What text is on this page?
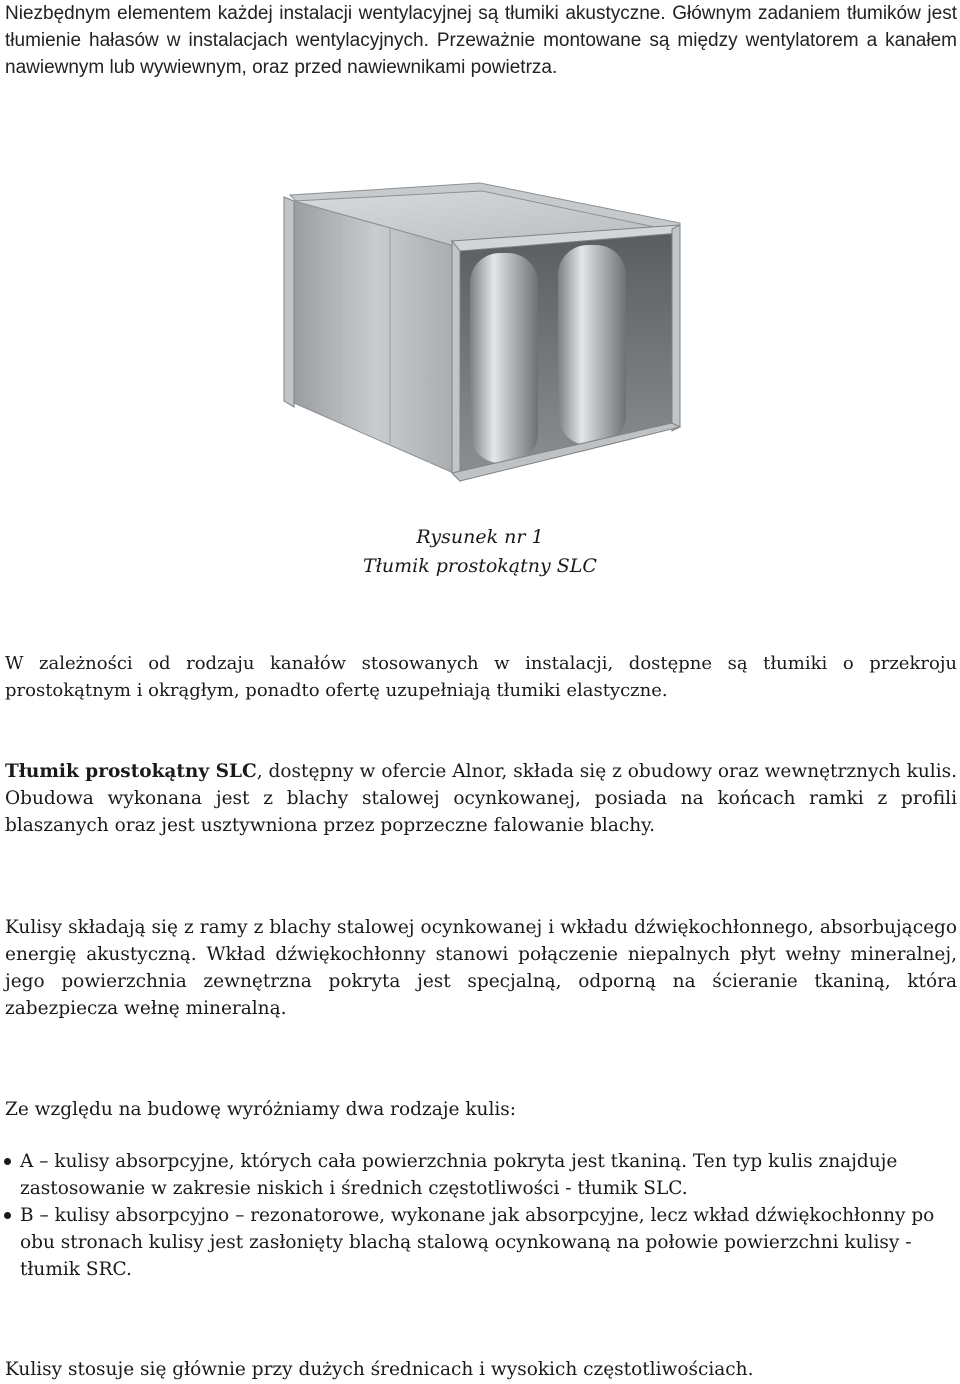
Niezbędnym elementem każdej instalacji wentylacyjnej są tłumiki akustyczne. Głównym zadaniem tłumików jest tłumienie hałasów w instalacjach wentylacyjnych. Przeważnie montowane są między wentylatorem a kanałem nawiewnym lub wywiewnym, oraz przed nawiewnikami powietrza.

Rysunek nr 1
Tłumik prostokątny SLC

W zależności od rodzaju kanałów stosowanych w instalacji, dostępne są tłumiki o przekroju prostokątnym i okrągłym, ponadto ofertę uzupełniają tłumiki elastyczne.

Tłumik prostokątny SLC, dostępny w ofercie Alnor, składa się z obudowy oraz wewnętrznych kulis. Obudowa wykonana jest z blachy stalowej ocynkowanej, posiada na końcach ramki z profili blaszanych oraz jest usztywniona przez poprzeczne falowanie blachy.

Kulisy składają się z ramy z blachy stalowej ocynkowanej i wkładu dźwiękochłonnego, absorbującego energię akustyczną. Wkład dźwiękochłonny stanowi połączenie niepalnych płyt wełny mineralnej, jego powierzchnia zewnętrzna pokryta jest specjalną, odporną na ścieranie tkaniną, która zabezpiecza wełnę mineralną.

Ze względu na budowę wyróżniamy dwa rodzaje kulis:

A – kulisy absorpcyjne, których cała powierzchnia pokryta jest tkaniną. Ten typ kulis znajduje zastosowanie w zakresie niskich i średnich częstotliwości - tłumik SLC.
B – kulisy absorpcyjno – rezonatorowe, wykonane jak absorpcyjne, lecz wkład dźwiękochłonny po obu stronach kulisy jest zasłonięty blachą stalową ocynkowaną na połowie powierzchni kulisy - tłumik SRC.

Kulisy stosuje się głównie przy dużych średnicach i wysokich częstotliwościach.
